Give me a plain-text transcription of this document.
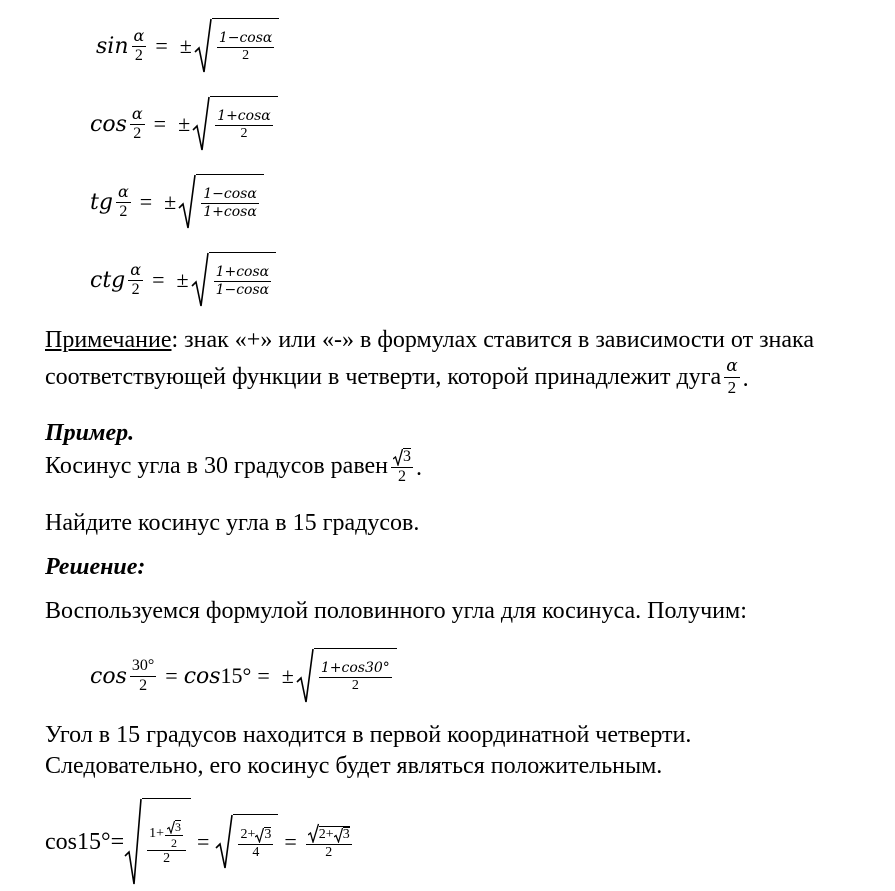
$\sin \frac{\alpha}{2}$ = ± $\frac{1-\cos\alpha}{2}$
$\cos \frac{\alpha}{2}$ = ± $\frac{1+\cos\alpha}{2}$
tg $\frac{\alpha}{2}$ = ± $\frac{1-\cos\alpha}{1+\cos\alpha}$
ctg $\frac{\alpha}{2}$ = ± $\frac{1+\cos\alpha}{1-\cos\alpha}$
Примечание: знак «+» или «-» в формулах ставится в зависимости от знака
соответствующей функции в четверти, которой принадлежит дуга $\frac{\alpha}{2}$ .
Пример.
Косинус угла в 30 градусов равен $\frac{3}{2}$ .
Найдите косинус угла в 15 градусов.
Решение:
Воспользуемся формулой половинного угла для косинуса. Получим:
$\cos \frac{30^\circ}{2} = \cos 15^\circ$ = ± $\frac{1+\cos 30^\circ}{2}$
Угол в 15 градусов находится в первой координатной четверти.
Следовательно, его косинус будет являться положительным.
$\cos 15^\circ= \frac{1+ \frac{3}{2}}{2} = \frac{2+ 3}{4} = \frac{2+ 3}{2}$
